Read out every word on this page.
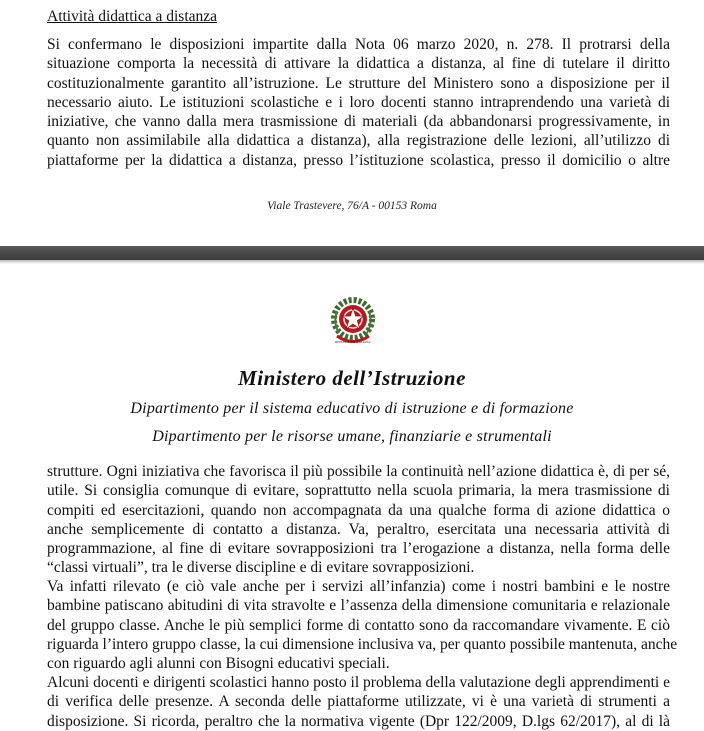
Attività didattica a distanza
Si confermano le disposizioni impartite dalla Nota 06 marzo 2020, n. 278. Il protrarsi della
situazione comporta la necessità di attivare la didattica a distanza, al fine di tutelare il diritto
costituzionalmente garantito all’istruzione. Le strutture del Ministero sono a disposizione per il
necessario aiuto. Le istituzioni scolastiche e i loro docenti stanno intraprendendo una varietà di
iniziative, che vanno dalla mera trasmissione di materiali (da abbandonarsi progressivamente, in
quanto non assimilabile alla didattica a distanza), alla registrazione delle lezioni, all’utilizzo di
piattaforme per la didattica a distanza, presso l’istituzione scolastica, presso il domicilio o altre
Viale Trastevere, 76/A - 00153 Roma
REPUBBLICA ITALIANA
Ministero dell’Istruzione
Dipartimento per il sistema educativo di istruzione e di formazione
Dipartimento per le risorse umane, finanziarie e strumentali
strutture. Ogni iniziativa che favorisca il più possibile la continuità nell’azione didattica è, di per sé,
utile. Si consiglia comunque di evitare, soprattutto nella scuola primaria, la mera trasmissione di
compiti ed esercitazioni, quando non accompagnata da una qualche forma di azione didattica o
anche semplicemente di contatto a distanza. Va, peraltro, esercitata una necessaria attività di
programmazione, al fine di evitare sovrapposizioni tra l’erogazione a distanza, nella forma delle
“classi virtuali”, tra le diverse discipline e di evitare sovrapposizioni.
Va infatti rilevato (e ciò vale anche per i servizi all’infanzia) come i nostri bambini e le nostre
bambine patiscano abitudini di vita stravolte e l’assenza della dimensione comunitaria e relazionale
del gruppo classe. Anche le più semplici forme di contatto sono da raccomandare vivamente. E ciò
riguarda l’intero gruppo classe, la cui dimensione inclusiva va, per quanto possibile mantenuta, anche
con riguardo agli alunni con Bisogni educativi speciali.
Alcuni docenti e dirigenti scolastici hanno posto il problema della valutazione degli apprendimenti e
di verifica delle presenze. A seconda delle piattaforme utilizzate, vi è una varietà di strumenti a
disposizione. Si ricorda, peraltro che la normativa vigente (Dpr 122/2009, D.lgs 62/2017), al di là
